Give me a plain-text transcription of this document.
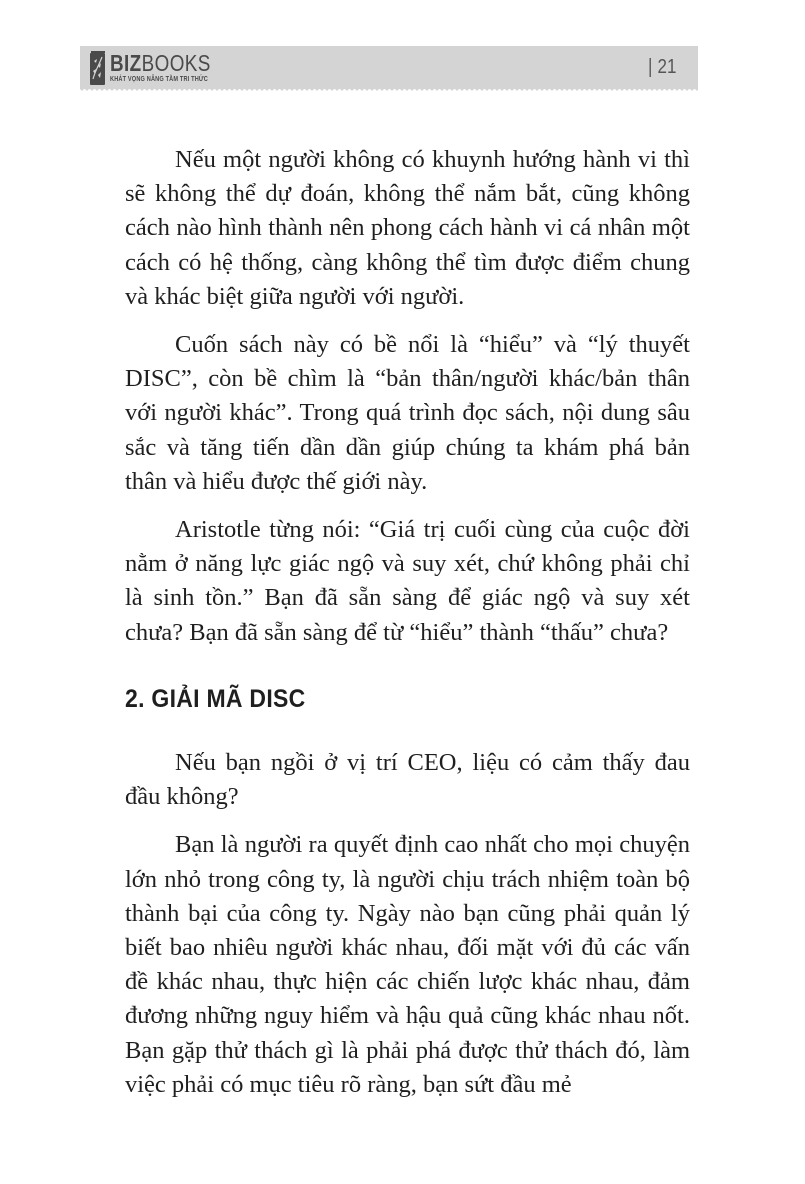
BIZBOOKS
KHÁT VỌNG NÂNG TẦM TRI THỨC
| 21

Nếu một người không có khuynh hướng hành vi thì sẽ không thể dự đoán, không thể nắm bắt, cũng không cách nào hình thành nên phong cách hành vi cá nhân một cách có hệ thống, càng không thể tìm được điểm chung và khác biệt giữa người với người.

Cuốn sách này có bề nổi là “hiểu” và “lý thuyết DISC”, còn bề chìm là “bản thân/người khác/bản thân với người khác”. Trong quá trình đọc sách, nội dung sâu sắc và tăng tiến dần dần giúp chúng ta khám phá bản thân và hiểu được thế giới này.

Aristotle từng nói: “Giá trị cuối cùng của cuộc đời nằm ở năng lực giác ngộ và suy xét, chứ không phải chỉ là sinh tồn.” Bạn đã sẵn sàng để giác ngộ và suy xét chưa? Bạn đã sẵn sàng để từ “hiểu” thành “thấu” chưa?

2. GIẢI MÃ DISC

Nếu bạn ngồi ở vị trí CEO, liệu có cảm thấy đau đầu không?

Bạn là người ra quyết định cao nhất cho mọi chuyện lớn nhỏ trong công ty, là người chịu trách nhiệm toàn bộ thành bại của công ty. Ngày nào bạn cũng phải quản lý biết bao nhiêu người khác nhau, đối mặt với đủ các vấn đề khác nhau, thực hiện các chiến lược khác nhau, đảm đương những nguy hiểm và hậu quả cũng khác nhau nốt. Bạn gặp thử thách gì là phải phá được thử thách đó, làm việc phải có mục tiêu rõ ràng, bạn sứt đầu mẻ
